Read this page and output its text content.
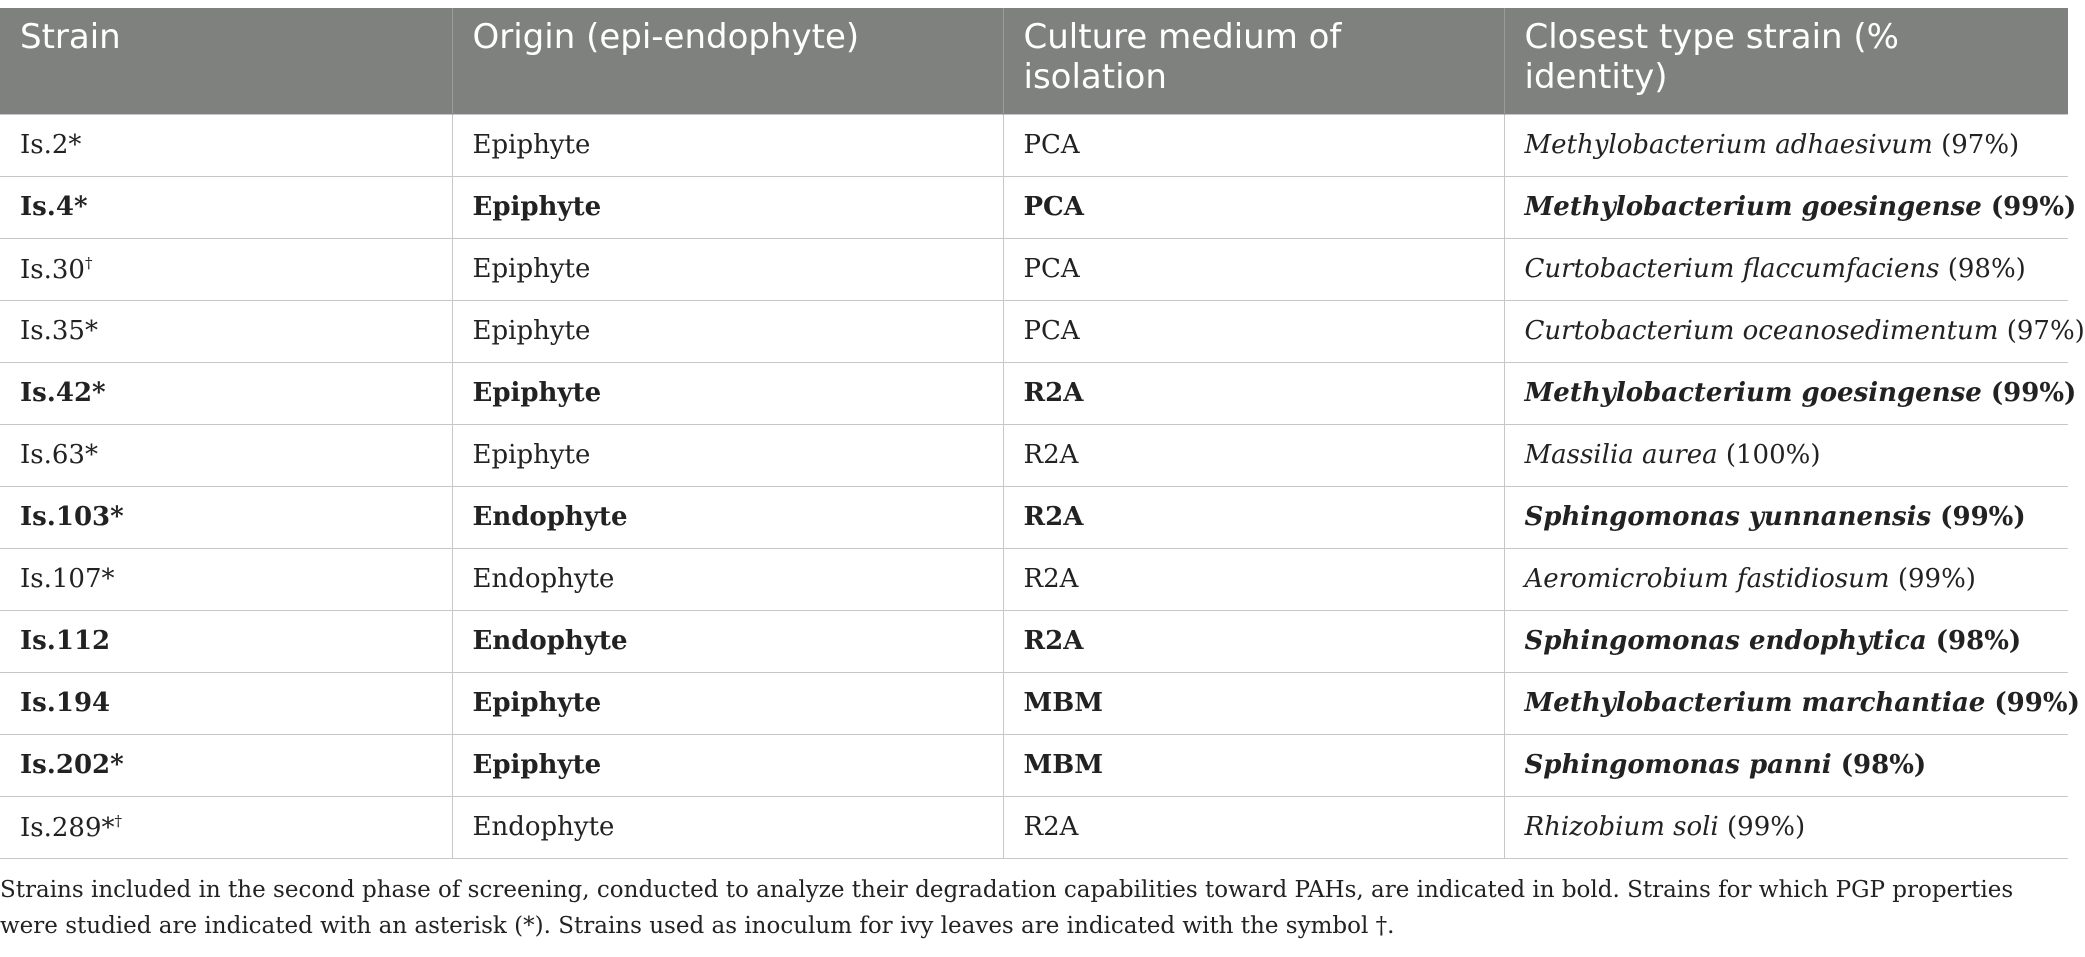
Strain	Origin (epi-endophyte)	Culture medium of isolation	Closest type strain (% identity)
Is.2*	Epiphyte	PCA	Methylobacterium adhaesivum (97%)
Is.4*	Epiphyte	PCA	Methylobacterium goesingense (99%)
Is.30†	Epiphyte	PCA	Curtobacterium flaccumfaciens (98%)
Is.35*	Epiphyte	PCA	Curtobacterium oceanosedimentum (97%)
Is.42*	Epiphyte	R2A	Methylobacterium goesingense (99%)
Is.63*	Epiphyte	R2A	Massilia aurea (100%)
Is.103*	Endophyte	R2A	Sphingomonas yunnanensis (99%)
Is.107*	Endophyte	R2A	Aeromicrobium fastidiosum (99%)
Is.112	Endophyte	R2A	Sphingomonas endophytica (98%)
Is.194	Epiphyte	MBM	Methylobacterium marchantiae (99%)
Is.202*	Epiphyte	MBM	Sphingomonas panni (98%)
Is.289*†	Endophyte	R2A	Rhizobium soli (99%)
Strains included in the second phase of screening, conducted to analyze their degradation capabilities toward PAHs, are indicated in bold. Strains for which PGP properties were studied are indicated with an asterisk (*). Strains used as inoculum for ivy leaves are indicated with the symbol †.
